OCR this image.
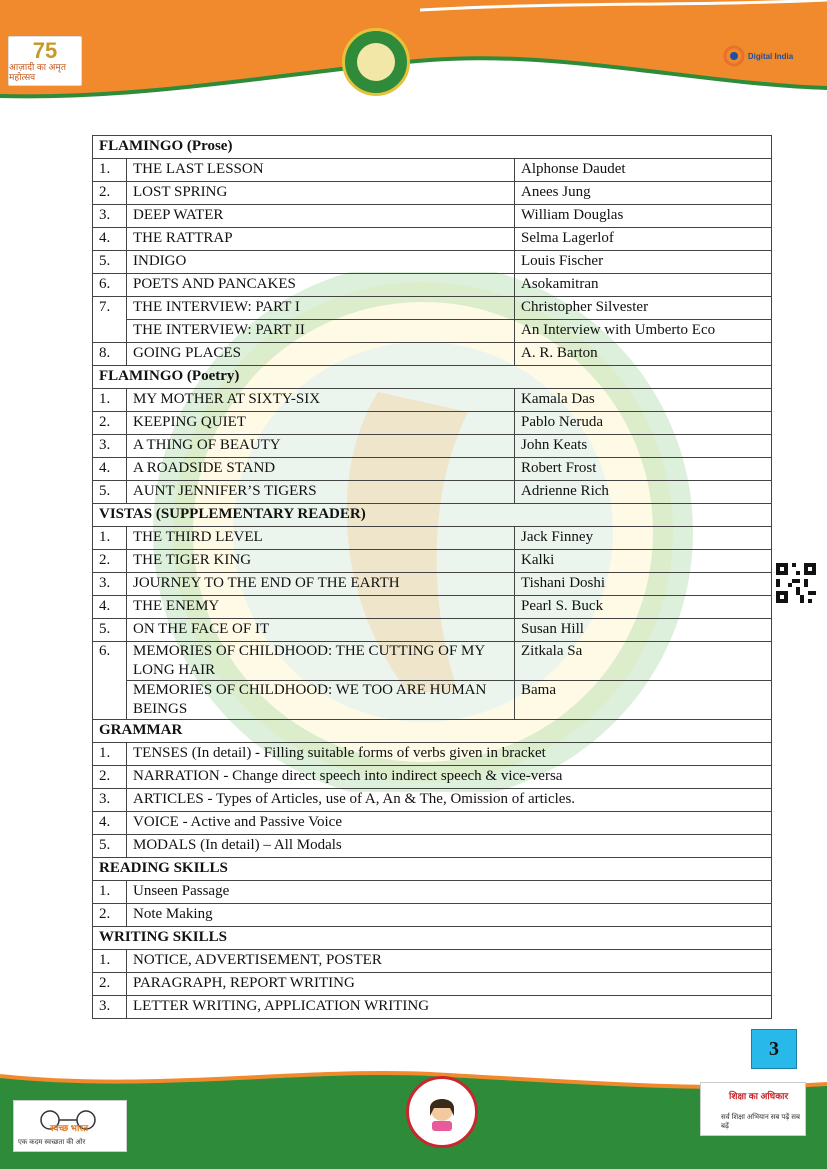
75
आज़ादी का अमृत महोत्सव
Digital India
FLAMINGO (Prose)		
1.	THE LAST LESSON	Alphonse Daudet
2.	LOST SPRING	Anees Jung
3.	DEEP WATER	William Douglas
4.	THE RATTRAP	Selma Lagerlof
5.	INDIGO	Louis Fischer
6.	POETS AND PANCAKES	Asokamitran
7.	THE INTERVIEW: PART I	Christopher Silvester
	THE INTERVIEW: PART II	An Interview with Umberto Eco
8.	GOING PLACES	A. R. Barton
FLAMINGO (Poetry)		
1.	MY MOTHER AT SIXTY-SIX	Kamala Das
2.	KEEPING QUIET	Pablo Neruda
3.	A THING OF BEAUTY	John Keats
4.	A ROADSIDE STAND	Robert Frost
5.	AUNT JENNIFER’S TIGERS	Adrienne Rich
VISTAS (SUPPLEMENTARY READER)		
1.	THE THIRD LEVEL	Jack Finney
2.	THE TIGER KING	Kalki
3.	JOURNEY TO THE END OF THE EARTH	Tishani Doshi
4.	THE ENEMY	Pearl S. Buck
5.	ON THE FACE OF IT	Susan Hill
6.	MEMORIES OF CHILDHOOD: THE CUTTING OF MY LONG HAIR	Zitkala Sa
	MEMORIES OF CHILDHOOD: WE TOO ARE HUMAN BEINGS	Bama
GRAMMAR		
1.	TENSES (In detail) - Filling suitable forms of verbs given in bracket	
2.	NARRATION - Change direct speech into indirect speech & vice-versa	
3.	ARTICLES - Types of Articles, use of A, An & The, Omission of articles.	
4.	VOICE - Active and Passive Voice	
5.	MODALS (In detail) – All Modals	
READING SKILLS		
1.	Unseen Passage	
2.	Note Making	
WRITING SKILLS		
1.	NOTICE, ADVERTISEMENT, POSTER	
2.	PARAGRAPH, REPORT WRITING	
3.	LETTER WRITING, APPLICATION WRITING	
3
स्वच्छ भारत
एक कदम स्वच्छता की ओर
शिक्षा का अधिकार
सर्व शिक्षा अभियान सब पढ़ें सब बढ़ें
